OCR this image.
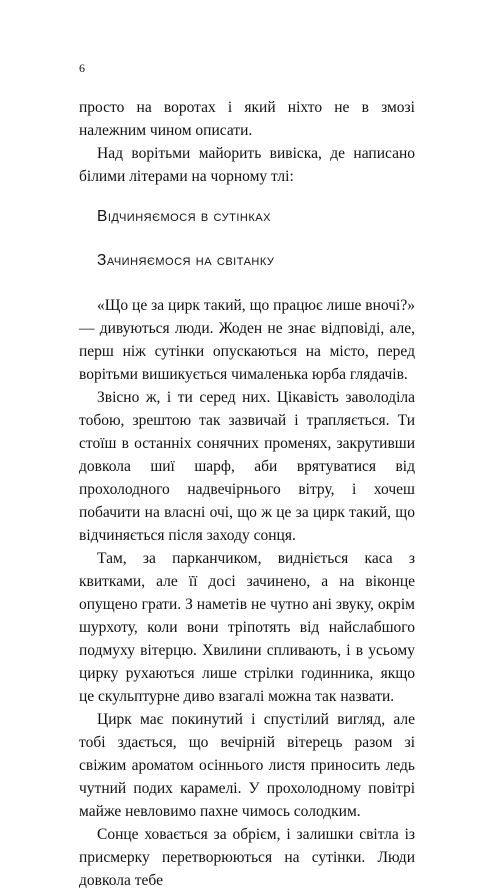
6

просто на воротах і який ніхто не в змозі належним чином описати.

Над ворітьми майорить вивіска, де написано білими літерами на чорному тлі:

Відчиняємося в сутінках

Зачиняємося на світанку

«Що це за цирк такий, що працює лише вночі?» — дивуються люди. Жоден не знає відповіді, але, перш ніж сутінки опускаються на місто, перед ворітьми вишикується чималенька юрба глядачів.

Звісно ж, і ти серед них. Цікавість заволоділа тобою, зрештою так зазвичай і трапляється. Ти стоїш в останніх сонячних променях, закрутивши довкола шиї шарф, аби врятуватися від прохолодного надвечірнього вітру, і хочеш побачити на власні очі, що ж це за цирк такий, що відчиняється після заходу сонця.

Там, за парканчиком, видніється каса з квитками, але її досі зачинено, а на віконце опущено грати. З наметів не чутно ані звуку, окрім шурхоту, коли вони тріпотять від найслабшого подмуху вітерцю. Хвилини спливають, і в усьому цирку рухаються лише стрілки годинника, якщо це скульптурне диво взагалі можна так назвати.

Цирк має покинутий і спустілий вигляд, але тобі здається, що вечірній вітерець разом зі свіжим ароматом осіннього листя приносить ледь чутний подих карамелі. У прохолодному повітрі майже невловимо пахне чимось солодким.

Сонце ховається за обрієм, і залишки світла із присмерку перетворюються на сутінки. Люди довкола тебе
